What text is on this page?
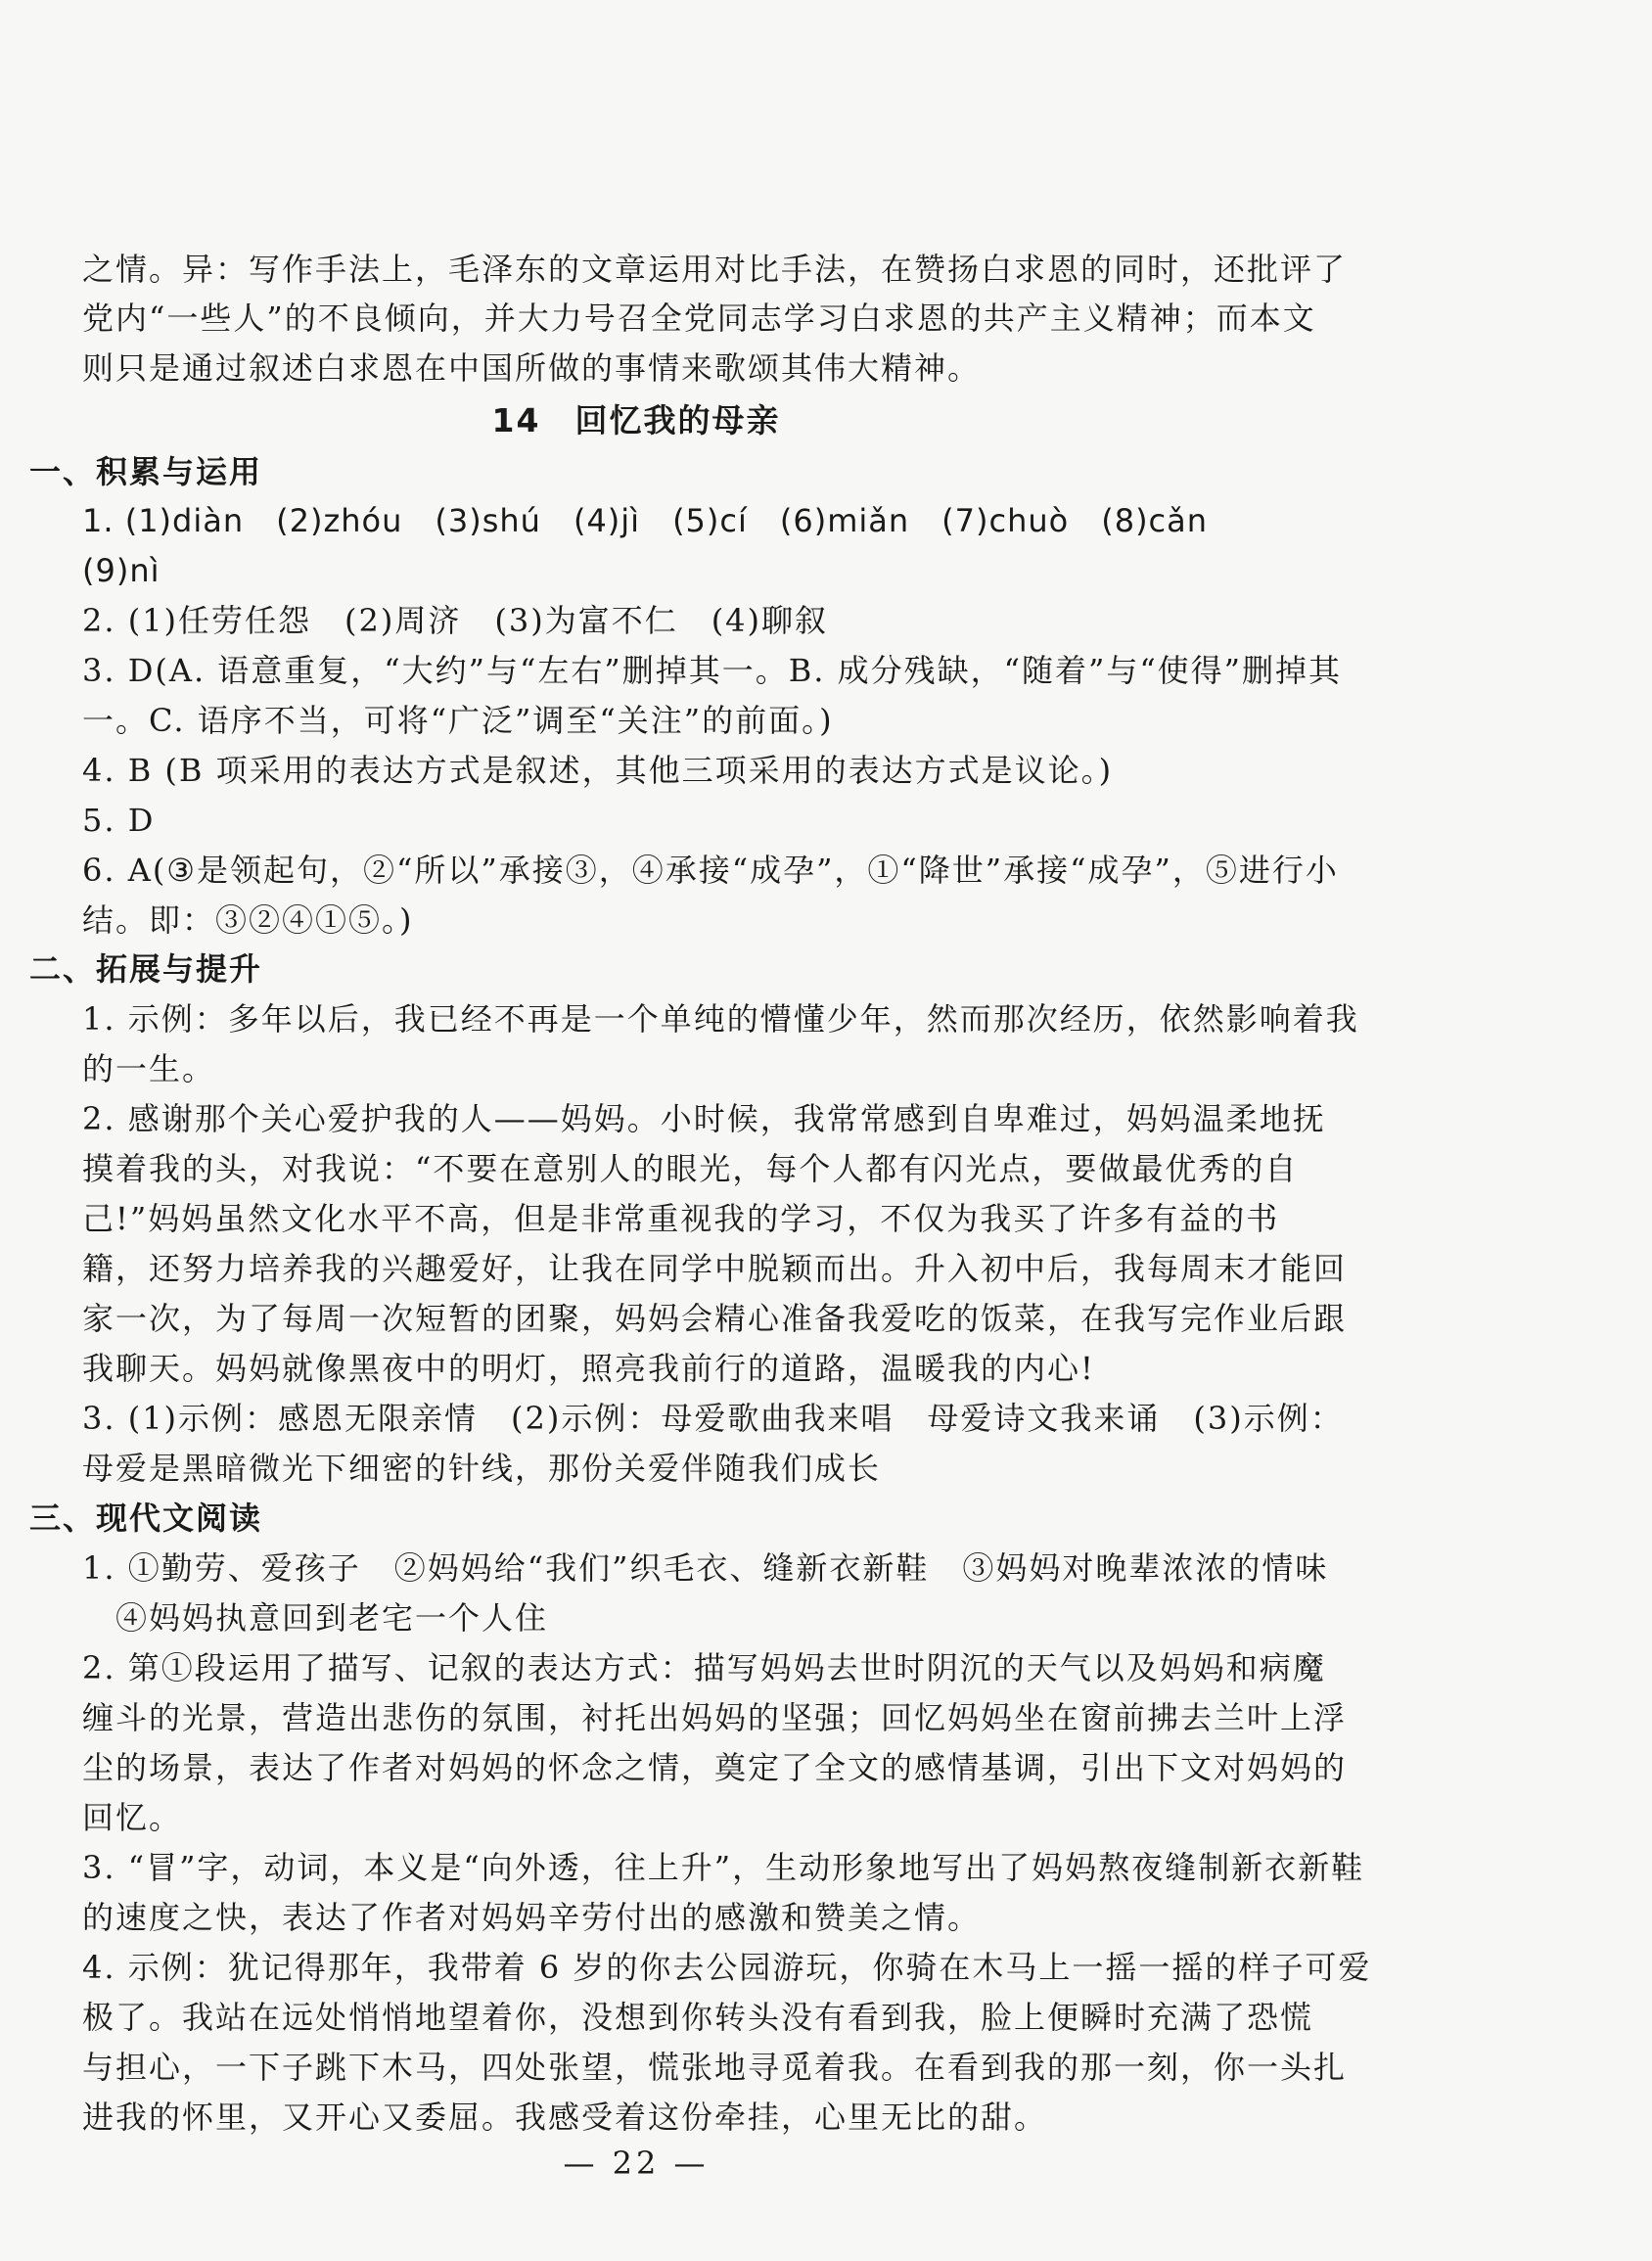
之情。异：写作手法上，毛泽东的文章运用对比手法，在赞扬白求恩的同时，还批评了
党内“一些人”的不良倾向，并大力号召全党同志学习白求恩的共产主义精神；而本文
则只是通过叙述白求恩在中国所做的事情来歌颂其伟大精神。
14　回忆我的母亲
一、积累与运用
1. (1)diàn　(2)zhóu　(3)shú　(4)jì　(5)cí　(6)miǎn　(7)chuò　(8)cǎn
(9)nì
2. (1)任劳任怨　(2)周济　(3)为富不仁　(4)聊叙
3. D(A. 语意重复，“大约”与“左右”删掉其一。B. 成分残缺，“随着”与“使得”删掉其
一。C. 语序不当，可将“广泛”调至“关注”的前面。)
4. B (B 项采用的表达方式是叙述，其他三项采用的表达方式是议论。)
5. D
6. A(③是领起句，②“所以”承接③，④承接“成孕”，①“降世”承接“成孕”，⑤进行小
结。即：③②④①⑤。)
二、拓展与提升
1. 示例：多年以后，我已经不再是一个单纯的懵懂少年，然而那次经历，依然影响着我
的一生。
2. 感谢那个关心爱护我的人——妈妈。小时候，我常常感到自卑难过，妈妈温柔地抚
摸着我的头，对我说：“不要在意别人的眼光，每个人都有闪光点，要做最优秀的自
己!”妈妈虽然文化水平不高，但是非常重视我的学习，不仅为我买了许多有益的书
籍，还努力培养我的兴趣爱好，让我在同学中脱颖而出。升入初中后，我每周末才能回
家一次，为了每周一次短暂的团聚，妈妈会精心准备我爱吃的饭菜，在我写完作业后跟
我聊天。妈妈就像黑夜中的明灯，照亮我前行的道路，温暖我的内心!
3. (1)示例：感恩无限亲情　(2)示例：母爱歌曲我来唱　母爱诗文我来诵　(3)示例：
母爱是黑暗微光下细密的针线，那份关爱伴随我们成长
三、现代文阅读
1. ①勤劳、爱孩子　②妈妈给“我们”织毛衣、缝新衣新鞋　③妈妈对晚辈浓浓的情味
④妈妈执意回到老宅一个人住
2. 第①段运用了描写、记叙的表达方式：描写妈妈去世时阴沉的天气以及妈妈和病魔
缠斗的光景，营造出悲伤的氛围，衬托出妈妈的坚强；回忆妈妈坐在窗前拂去兰叶上浮
尘的场景，表达了作者对妈妈的怀念之情，奠定了全文的感情基调，引出下文对妈妈的
回忆。
3. “冒”字，动词，本义是“向外透，往上升”，生动形象地写出了妈妈熬夜缝制新衣新鞋
的速度之快，表达了作者对妈妈辛劳付出的感激和赞美之情。
4. 示例：犹记得那年，我带着 6 岁的你去公园游玩，你骑在木马上一摇一摇的样子可爱
极了。我站在远处悄悄地望着你，没想到你转头没有看到我，脸上便瞬时充满了恐慌
与担心，一下子跳下木马，四处张望，慌张地寻觅着我。在看到我的那一刻，你一头扎
进我的怀里，又开心又委屈。我感受着这份牵挂，心里无比的甜。
— 22 —
